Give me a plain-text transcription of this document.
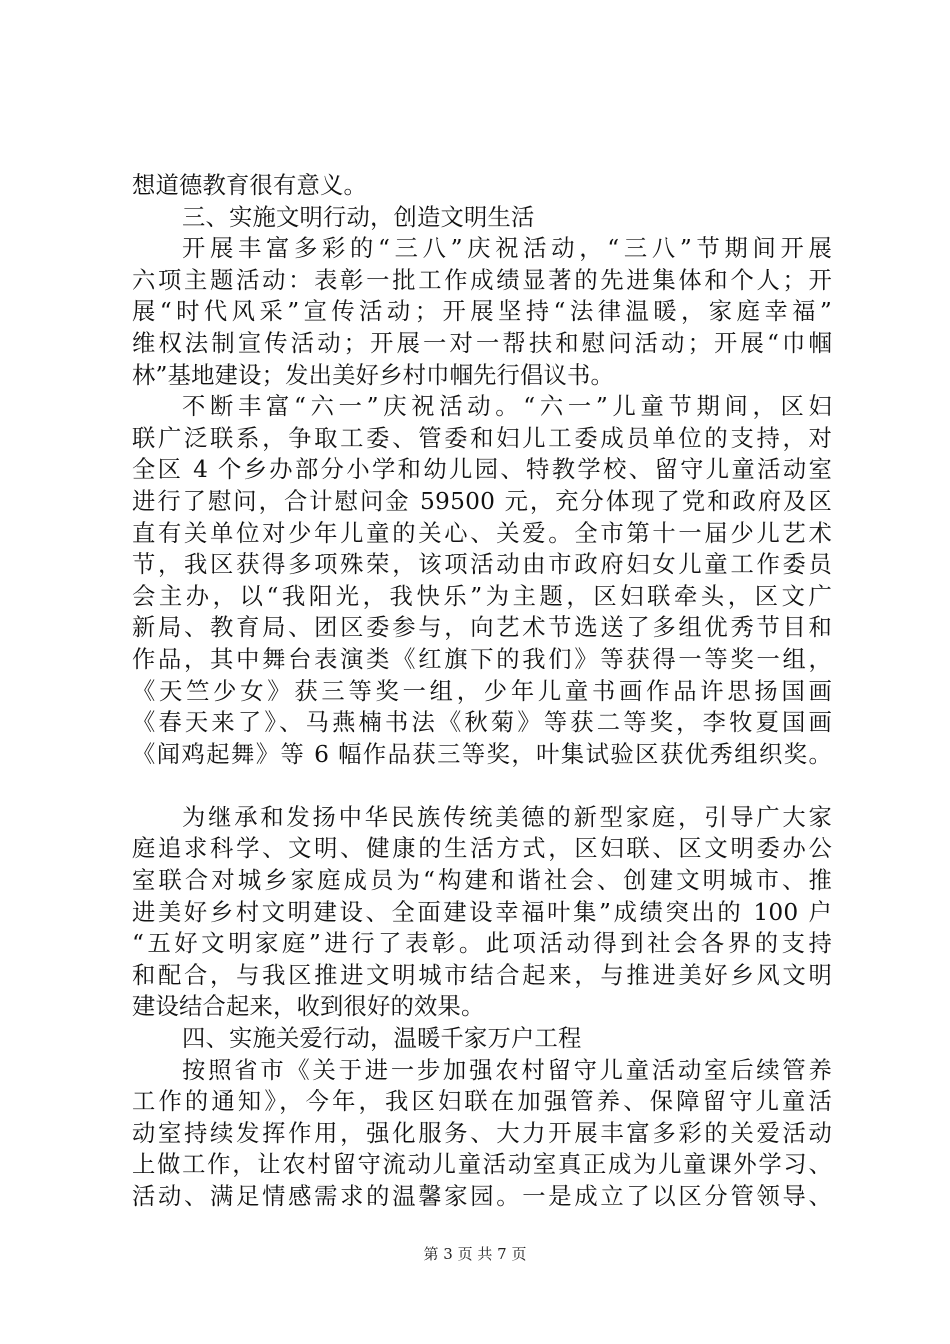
想道德教育很有意义。
三、实施文明行动，创造文明生活
开展丰富多彩的“三八”庆祝活动，“三八”节期间开展
六项主题活动：表彰一批工作成绩显著的先进集体和个人；开
展“时代风采”宣传活动；开展坚持“法律温暖，家庭幸福”
维权法制宣传活动；开展一对一帮扶和慰问活动；开展“巾帼
林”基地建设；发出美好乡村巾帼先行倡议书。
不断丰富“六一”庆祝活动。“六一”儿童节期间，区妇
联广泛联系，争取工委、管委和妇儿工委成员单位的支持，对
全区 4 个乡办部分小学和幼儿园、特教学校、留守儿童活动室
进行了慰问，合计慰问金 59500 元，充分体现了党和政府及区
直有关单位对少年儿童的关心、关爱。全市第十一届少儿艺术
节，我区获得多项殊荣，该项活动由市政府妇女儿童工作委员
会主办，以“我阳光，我快乐”为主题，区妇联牵头，区文广
新局、教育局、团区委参与，向艺术节选送了多组优秀节目和
作品，其中舞台表演类《红旗下的我们》等获得一等奖一组，
《天竺少女》获三等奖一组，少年儿童书画作品许思扬国画
《春天来了》、马燕楠书法《秋菊》等获二等奖，李牧夏国画
《闻鸡起舞》等 6 幅作品获三等奖，叶集试验区获优秀组织奖。
为继承和发扬中华民族传统美德的新型家庭，引导广大家
庭追求科学、文明、健康的生活方式，区妇联、区文明委办公
室联合对城乡家庭成员为“构建和谐社会、创建文明城市、推
进美好乡村文明建设、全面建设幸福叶集”成绩突出的 100 户
“五好文明家庭”进行了表彰。此项活动得到社会各界的支持
和配合，与我区推进文明城市结合起来，与推进美好乡风文明
建设结合起来，收到很好的效果。
四、实施关爱行动，温暖千家万户工程
按照省市《关于进一步加强农村留守儿童活动室后续管养
工作的通知》，今年，我区妇联在加强管养、保障留守儿童活
动室持续发挥作用，强化服务、大力开展丰富多彩的关爱活动
上做工作，让农村留守流动儿童活动室真正成为儿童课外学习、
活动、满足情感需求的温馨家园。一是成立了以区分管领导、
第 3 页 共 7 页
